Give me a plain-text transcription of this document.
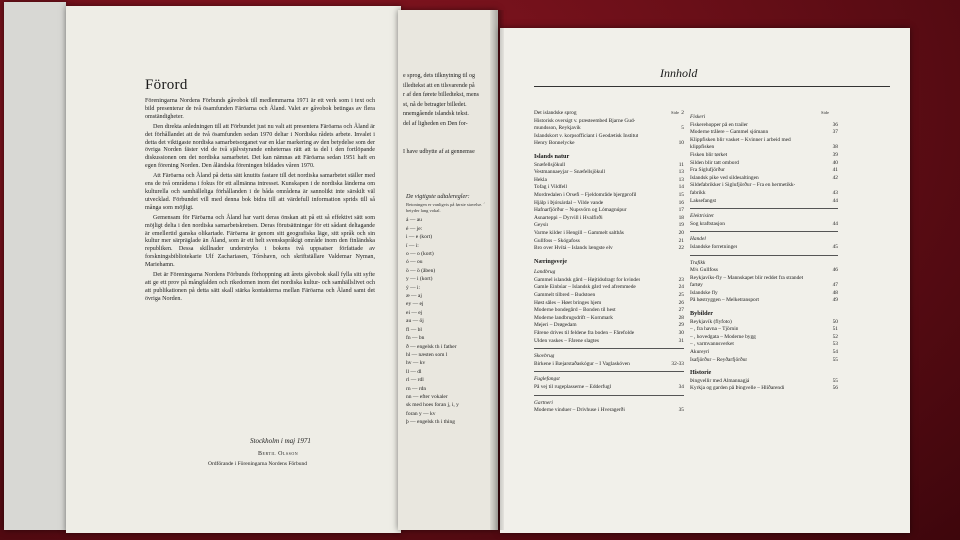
Förord

Föreningarna Nordens Förbunds gåvobok till medlemmarna 1971 är ett verk som i text och bild presenterar de två ösamfunden Färöarna och Åland. Valet av gåvobok betingas av flera omständigheter.

Den direkta anledningen till att Förbundet just nu valt att presentera Färöarna och Åland är det förhållandet att de två ösamfunden sedan 1970 deltar i Nordiska rådets arbete. Invalet i detta det viktigaste nordiska samarbetsorganet var en klar markering av den betydelse som der övriga Norden fäster vid de två självstyrande enheternas rätt att ta del i den fortlöpande diskussionen om det nordiska samarbetet. Det kan nämnas att Färöarna sedan 1951 haft en egen förening Norden. Den åländska föreningen bildades våren 1970.

Att Färöarna och Åland på detta sätt knutits fastare till det nordiska samarbetet ställer med ens de två områdena i fokus för ett allmänna intresset. Kunskapen i de nordiska länderna om kulturella och samhälleliga förhållanden i de båda områdena är sannolikt inte särskilt väl utvecklad. Förbundet vill med denna bok bidra till att värdefull information sprids till så många som möjligt.

Gemensam för Färöarna och Åland har varit deras önskan att på ett så effektivt sätt som möjligt delta i den nordiska samarbetskretsen. Deras förutsättningar för ett sådant deltagande är emellertid ganska olikartade. Färöarna är genom sitt geografiska läge, sitt språk och sin kultur mer särpräglade än Åland, som är ett helt svenskspråkigt område inom den finländska republiken. Dessa skillnader understryks i bokens två uppsatser författade av forskningsbibliotekarie Ulf Zachariasen, Tórshavn, och skriftställare Valdemar Nyman, Mariehamn.

Det är Föreningarna Nordens Förbunds förhoppning att årets gåvobok skall fylla sitt syfte att ge ett prov på mångfalden och rikedomen inom det nordiska kultur- och samhällslivet och att publikationen på detta sätt skall stärka kontakterna mellan Färöarna och Åland samt det övriga Norden.

Stockholm i maj 1971
Bertil Olsson
Ordförande i Föreningarna Nordens Förbund
e sprog, dets tilknytning til og
illedtekst att en tilsvarende på
r af den førete billedtekst, mens
st, nå de betragter billedet.
nnemgående islandsk tekst.
del af ligheden en Den for-
I have udbytte af at gennemse
De vigtigste udtaleregler:
Betoningen er vanligvis på første stavelse. ´ betyder lang vokal.
á — au
é — je:
i — e (kort)
í — i:
o — o (kort)
ó — ou
ö — ö (åben)
y — i (kort)
ý — i:
æ — aj
ey — ej
ei — ej
au — öj
fl — bl
fn — bn
ð — engelsk th i father
hl — næsten som l
hv — kv
ll — dl
rl — rdl
rn — rdn
nn — efter vokaler
sk med hoes foran j, i, y
foran y — kv
þ — engelsk th i thing
Innhold
Side	Side
Det islandske sprog	2
Historisk oversigt v. præsteembed Bjarne Gud-
mundsson, Reykjavik	5
Islandskort v. korpsofficiant i Geodætisk Institut
Henry Bonnelycke	10
Islands natur
Snæfellsjökull	11
Vestmannaeyjar – Snæfellsjökull	13
Hekla	13
Tofag i Vildfell	14
Mordredalen i Örsefi – Fjeldområde bjergprofil	15
Hjálp i Þjórsárdal – Vilde vande	16
Hafnarfjörður – Nupsvörn og Lómagnúpur	17
Ásnarteppi – Dyrvill i Hvalfirði	18
Geysir	19
Varme kilder i Hengill – Gammelt saltbås	20
Gullfoss – Skógafoss	21
Bro over Hvítá – Islands længste elv	22
Næringsveje
Landbrug
Gammel islandsk gård – Højtidsdragt for kvinder	23
Gamle Einbúar – Islandsk gård ved afremmede	24
Gammelt tilbred – Budstoen	25
Høst såles – Høet bringes hjem	26
Moderne bondegård – Bonden til hest	27
Moderne landbrugsdrift – Kornmark	28
Mejeri – Drøgedam	29
Fårene drives til feldene fra boden – Fårefolde	30
Ulden vaskes – Fårene slagtes	31
Skovbrug
Birkene i Bæjarstaðaskógur – I Vaglaskóven	32-33
Fuglefangst
På vej til rugeplasserne – Edderfugl	34
Gartneri
Moderne vinduer – Drivhuse i Hveragerði	35
Fiskeri
Fiskerehopper på en trailer	36
Moderne trålere – Gammel sjómann	37
Klippfisken blir vasket – Kvinner i arbeid med
klippfisken	38
Fisken blir tørket	39
Silden blir tatt ombord	40
Fra Siglufjörður	41
Islandsk pike ved sildesaltingen	42
Sildefabrikker i Siglufjörður – Fra en hermetikk-
fabrikk	43
Laksefangst	44
Elektrisitet
Sog kraftstasjon	44
Handel
Islandske forretninger	45
Trafikk
M/s Gullfoss	46
Reykjavíks-fly – Mannskapet blir reddet fra strandet
fartøy	47
Islandske fly	48
På høstryggen – Melketransport	49
Bybilder
Reykjavík (flyfoto)	50
– , fra havna – Tjörnin	51
– , hovedgata – Moderne bygg	52
– , varmvannsverket	53
Akureyri	54
Ísafjörður – Reyðarfjörður	55
Historie
Þingvellir med Almannagjá	55
Kyrkja og garden på Þingvelle – Hlíðarendi	56
